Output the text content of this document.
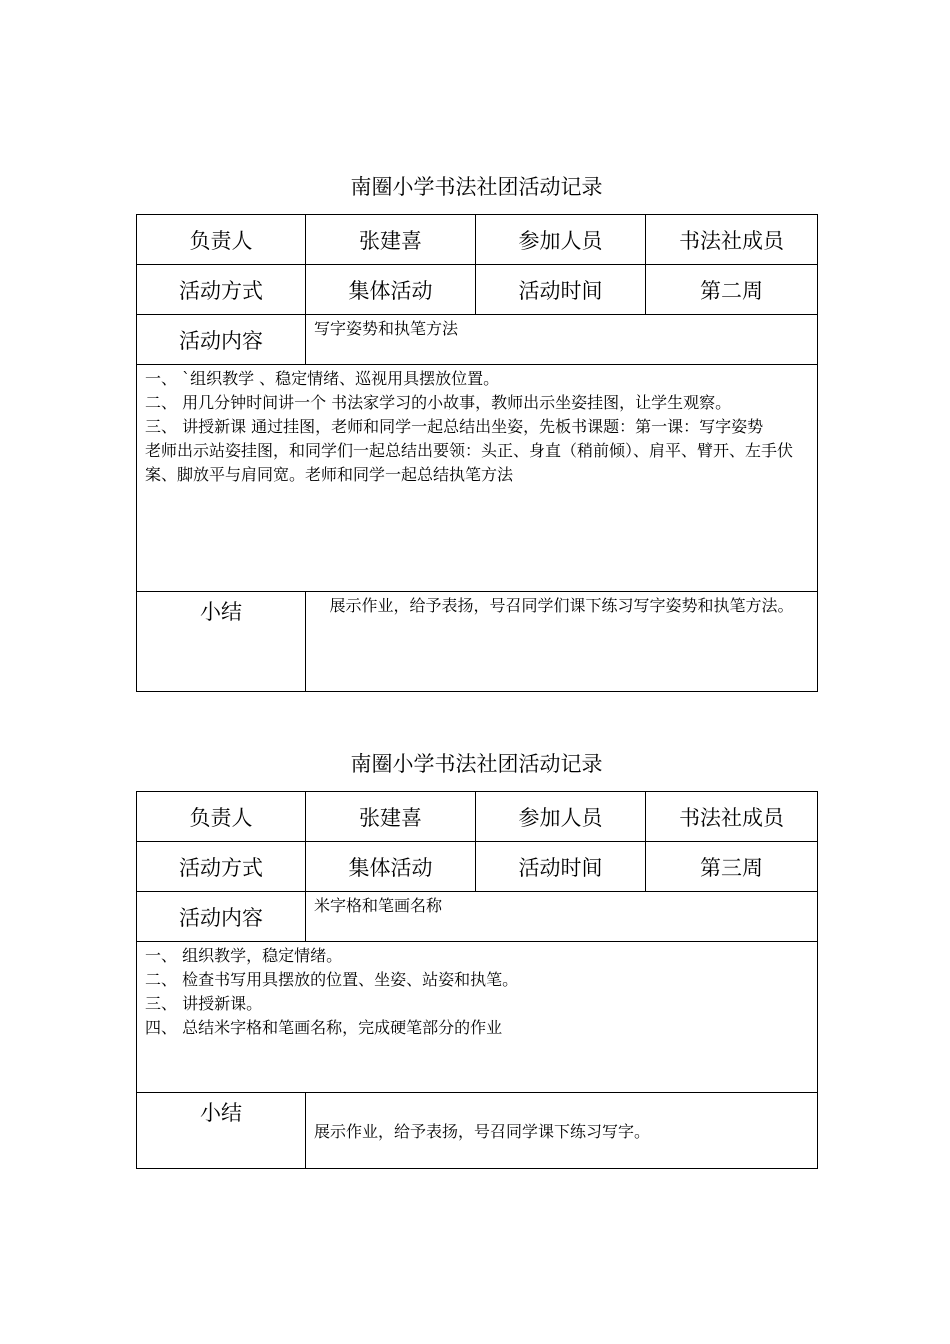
南圈小学书法社团活动记录
负责人	张建喜	参加人员	书法社成员
活动方式	集体活动	活动时间	第二周
活动内容	写字姿势和执笔方法		

一、 `组织教学 、稳定情绪、巡视用具摆放位置。
二、 用几分钟时间讲一个 书法家学习的小故事，教师出示坐姿挂图，让学生观察。
三、 讲授新课 通过挂图，老师和同学一起总结出坐姿，先板书课题：第一课：写字姿势
老师出示站姿挂图，和同学们一起总结出要领：头正、身直（稍前倾）、肩平、臂开、左手伏案、脚放平与肩同宽。老师和同学一起总结执笔方法			

小结	展示作业，给予表扬，号召同学们课下练习写字姿势和执笔方法。		
南圈小学书法社团活动记录
负责人	张建喜	参加人员	书法社成员
活动方式	集体活动	活动时间	第三周
活动内容	米字格和笔画名称		

一、 组织教学，稳定情绪。
二、 检查书写用具摆放的位置、坐姿、站姿和执笔。
三、 讲授新课。
四、 总结米字格和笔画名称，完成硬笔部分的作业			

小结	展示作业，给予表扬，号召同学课下练习写字。		
